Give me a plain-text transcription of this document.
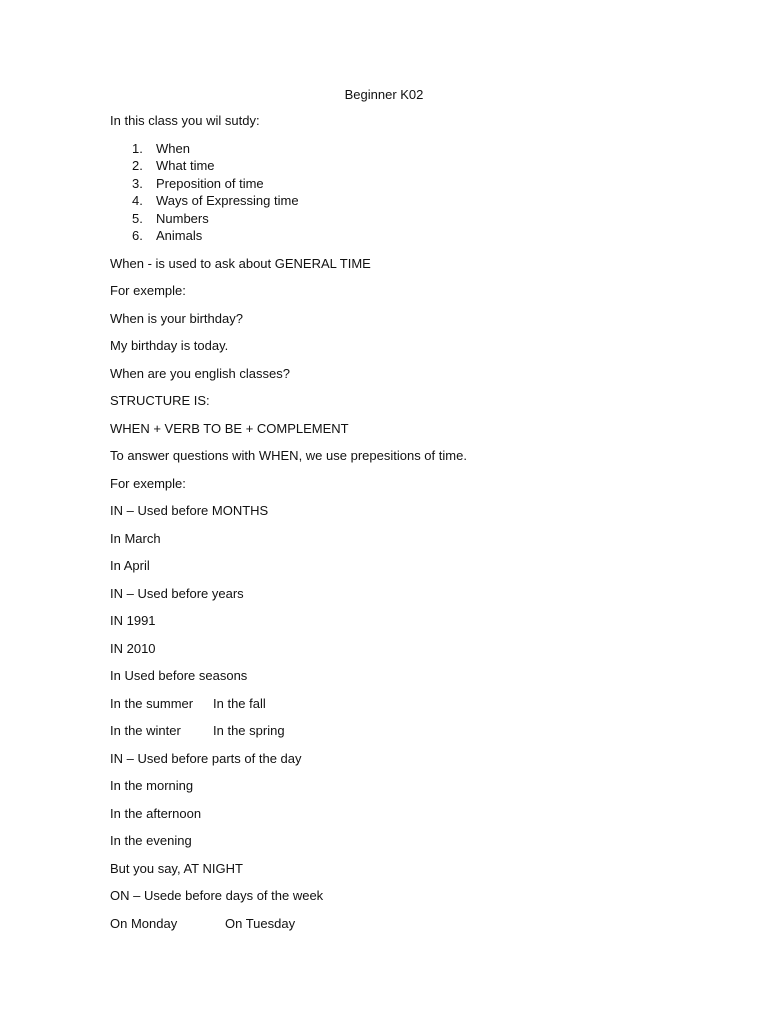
Beginner K02

In this class you wil sutdy:

1. When
2. What time
3. Preposition of time
4. Ways of Expressing time
5. Numbers
6. Animals

When - is used to ask about GENERAL TIME

For exemple:

When is your birthday?

My birthday is today.

When are you english classes?

STRUCTURE IS:

WHEN + VERB TO BE + COMPLEMENT

To answer questions with WHEN, we use prepesitions of time.

For exemple:

IN – Used before MONTHS

In March

In April

IN – Used before years

IN 1991

IN 2010

In Used before seasons

In the summer In the fall
In the winter In the spring

IN – Used before parts of the day

In the morning

In the afternoon

In the evening

But you say, AT NIGHT

ON – Usede before days of the week

On Monday	On Tuesday
